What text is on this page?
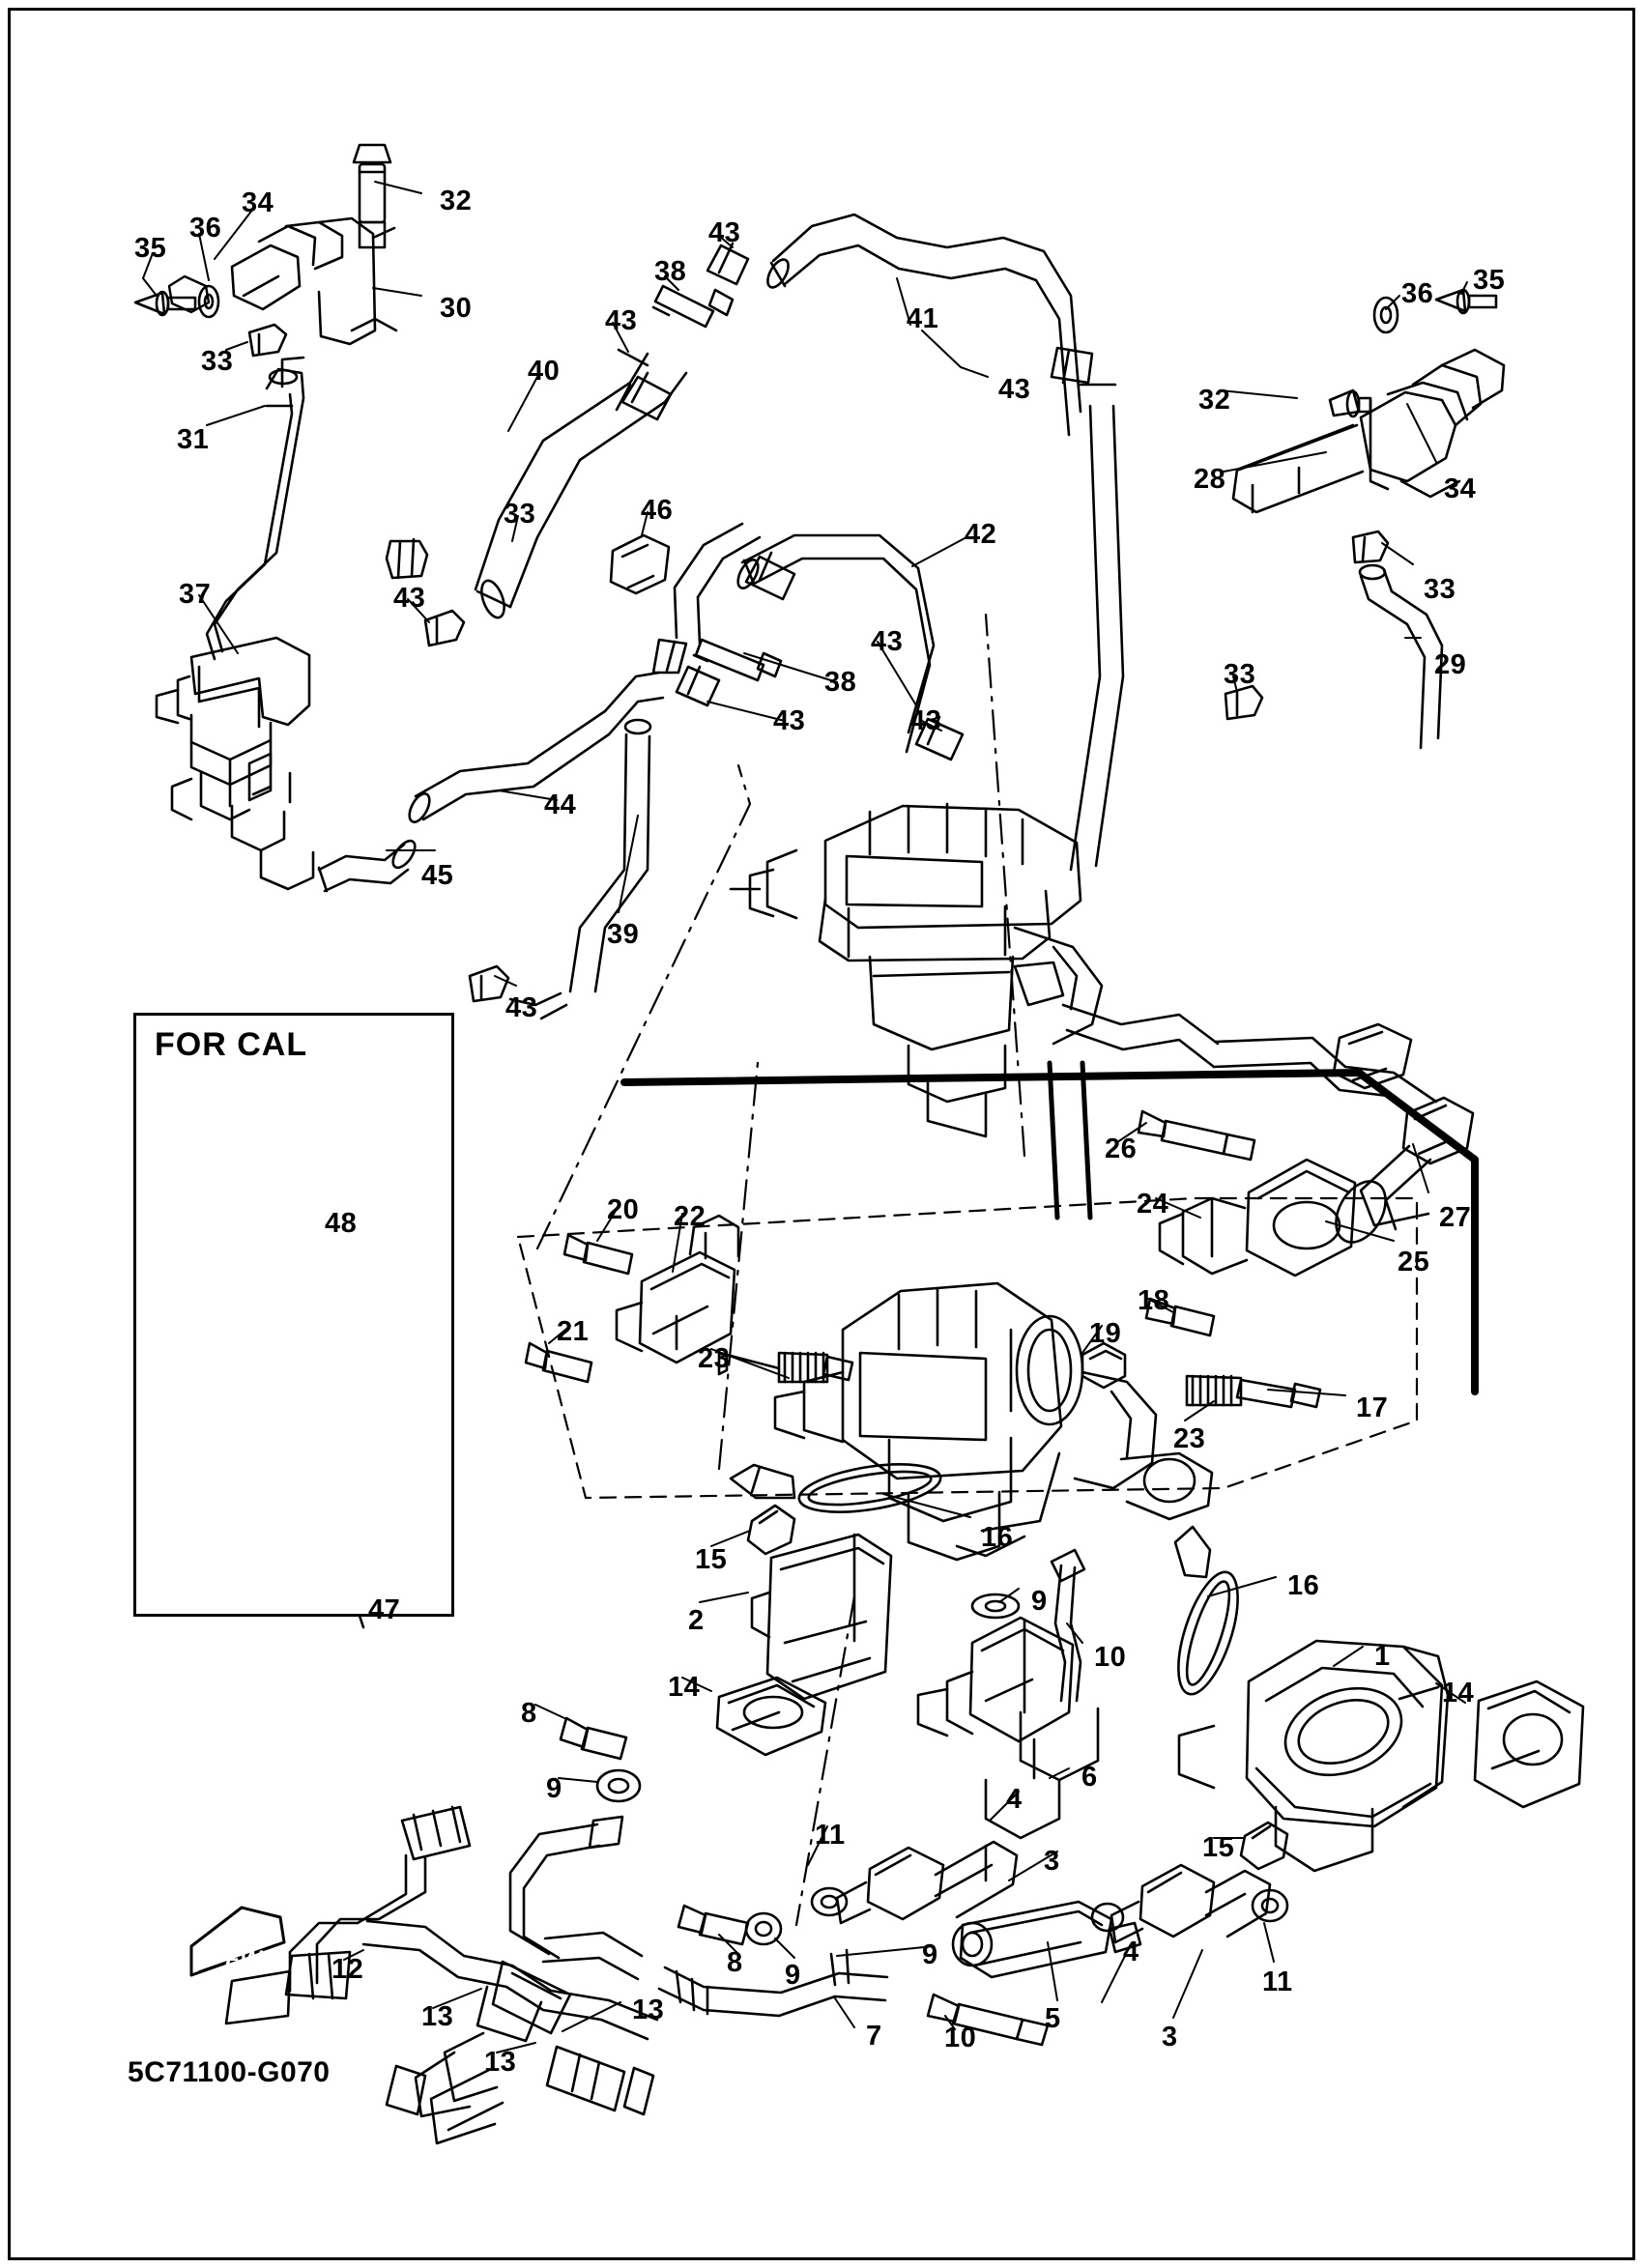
FOR CAL
FWD
5C71100-G070
35
36
34	32
30
33
31
40
43
38
43
41
43
36 35
32
28	34
33
29
33
33	46
42
43
38
43	43
37	43
44
45
39
43
48
47
26
24	27
25
20 22
21
23
19
18
23
17
16
16
15
2
14
9
10	1
14
8
9	6
4
11
3	15
12
13	13
13
8 9
9
7 10
5
4
3
11
